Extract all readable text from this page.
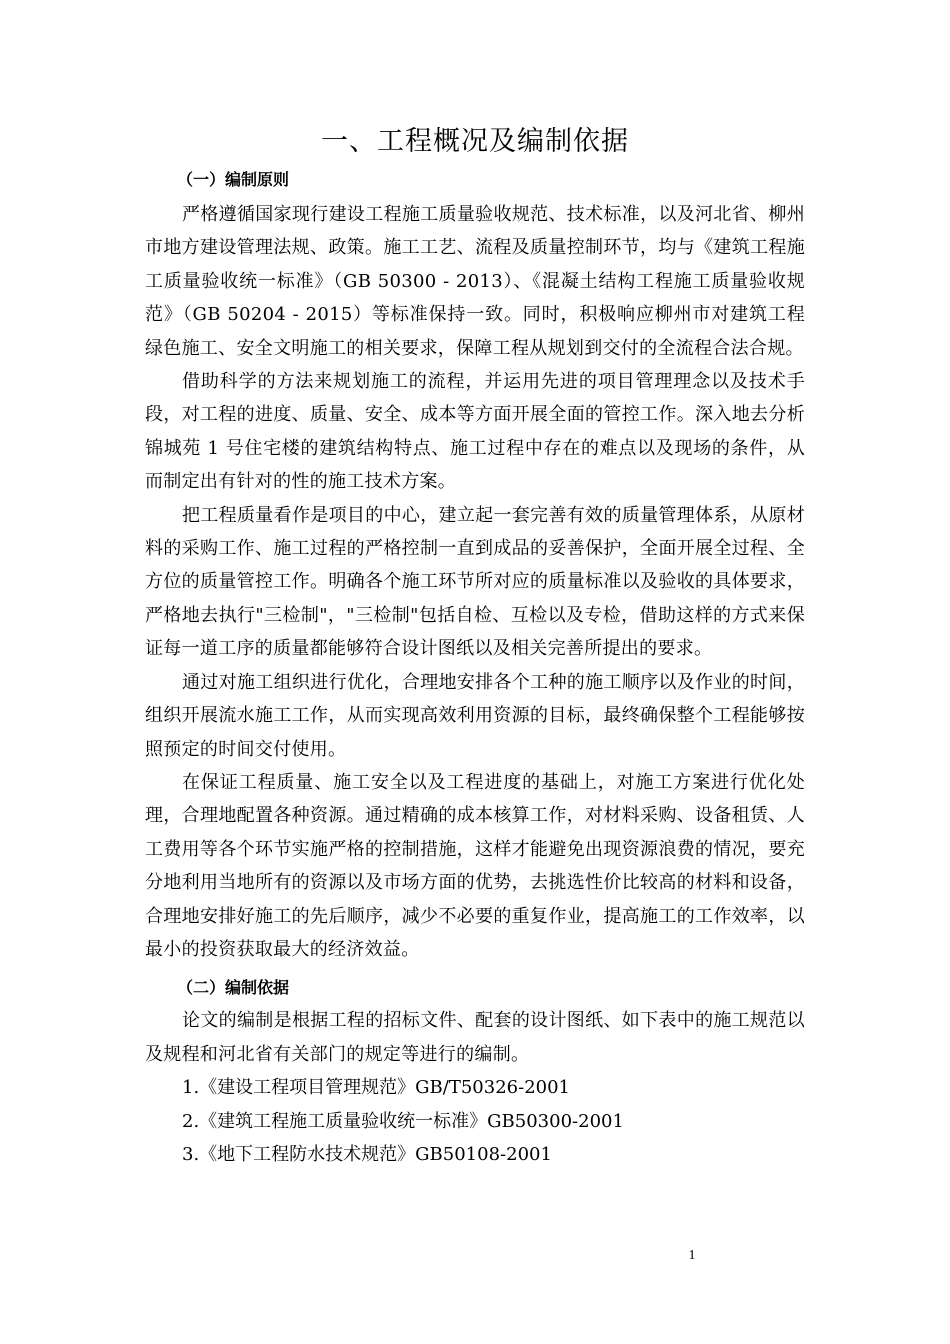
一、工程概况及编制依据
（一）编制原则

严格遵循国家现行建设工程施工质量验收规范、技术标准，以及河北省、柳州市地方建设管理法规、政策。施工工艺、流程及质量控制环节，均与《建筑工程施工质量验收统一标准》（GB 50300 - 2013）、《混凝土结构工程施工质量验收规范》（GB 50204 - 2015）等标准保持一致。同时，积极响应柳州市对建筑工程绿色施工、安全文明施工的相关要求，保障工程从规划到交付的全流程合法合规。

借助科学的方法来规划施工的流程，并运用先进的项目管理理念以及技术手段，对工程的进度、质量、安全、成本等方面开展全面的管控工作。深入地去分析锦城苑 1 号住宅楼的建筑结构特点、施工过程中存在的难点以及现场的条件，从而制定出有针对的性的施工技术方案。

把工程质量看作是项目的中心，建立起一套完善有效的质量管理体系，从原材料的采购工作、施工过程的严格控制一直到成品的妥善保护，全面开展全过程、全方位的质量管控工作。明确各个施工环节所对应的质量标准以及验收的具体要求，严格地去执行"三检制"，"三检制"包括自检、互检以及专检，借助这样的方式来保证每一道工序的质量都能够符合设计图纸以及相关完善所提出的要求。

通过对施工组织进行优化，合理地安排各个工种的施工顺序以及作业的时间，组织开展流水施工工作，从而实现高效利用资源的目标，最终确保整个工程能够按照预定的时间交付使用。

在保证工程质量、施工安全以及工程进度的基础上，对施工方案进行优化处理，合理地配置各种资源。通过精确的成本核算工作，对材料采购、设备租赁、人工费用等各个环节实施严格的控制措施，这样才能避免出现资源浪费的情况，要充分地利用当地所有的资源以及市场方面的优势，去挑选性价比较高的材料和设备，合理地安排好施工的先后顺序，减少不必要的重复作业，提高施工的工作效率，以最小的投资获取最大的经济效益。

（二）编制依据

论文的编制是根据工程的招标文件、配套的设计图纸、如下表中的施工规范以及规程和河北省有关部门的规定等进行的编制。

1.《建设工程项目管理规范》GB/T50326-2001
2.《建筑工程施工质量验收统一标准》GB50300-2001
3.《地下工程防水技术规范》GB50108-2001
1
